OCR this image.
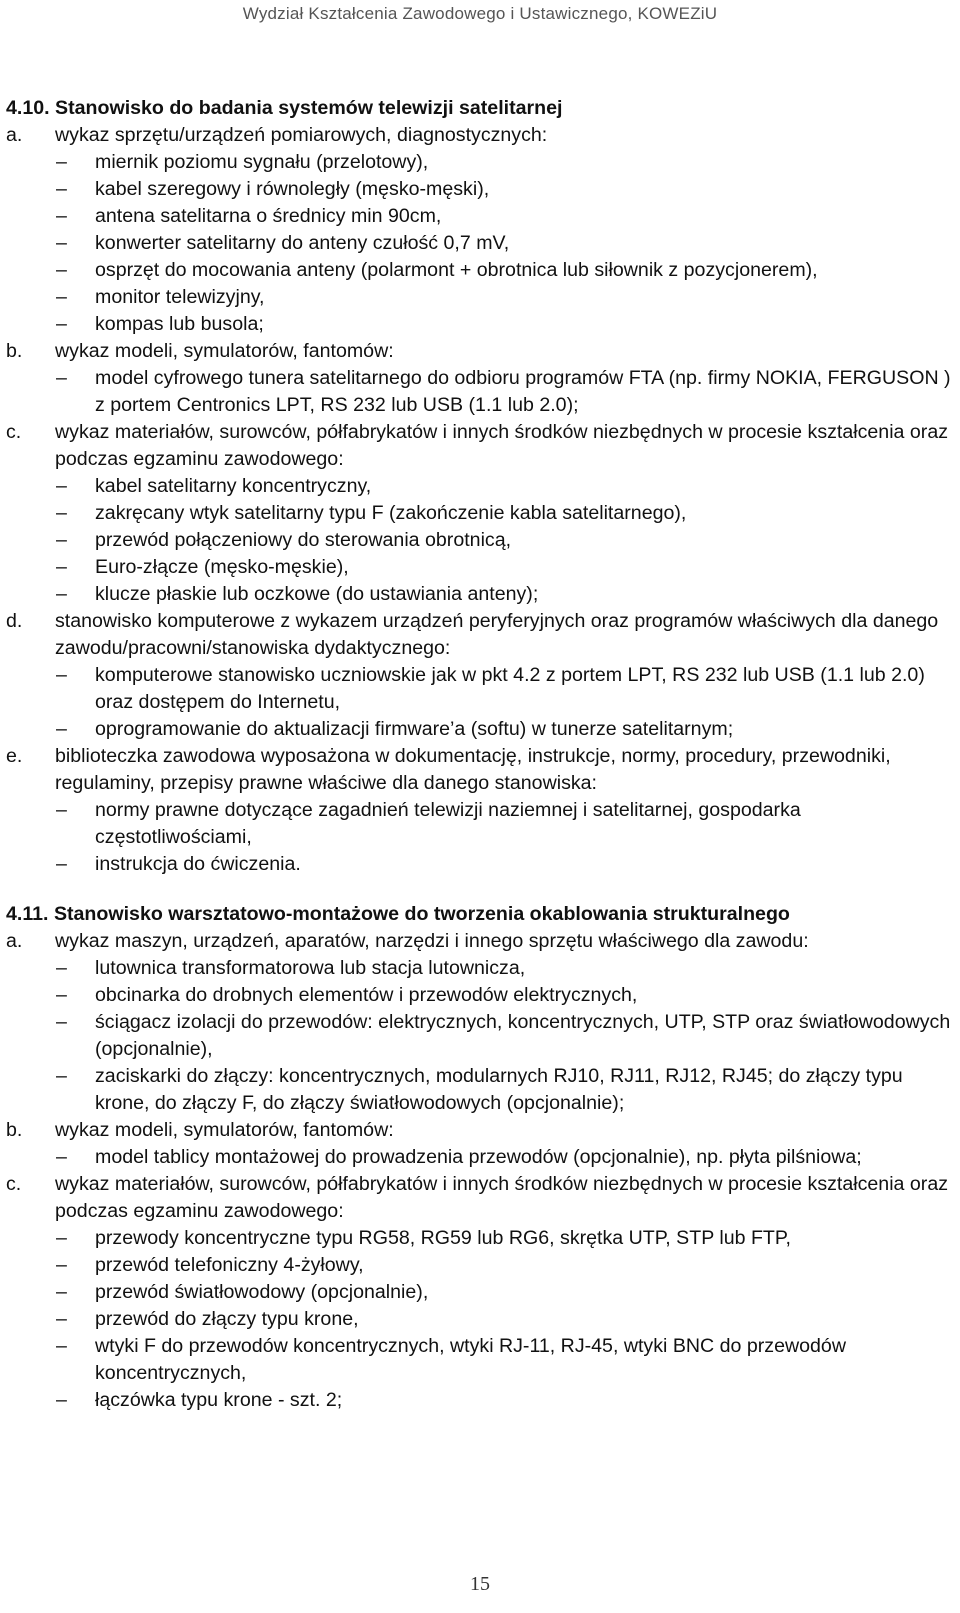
Wydział Kształcenia Zawodowego i Ustawicznego, KOWEZiU
4.10. Stanowisko do badania systemów telewizji satelitarnej
a. wykaz sprzętu/urządzeń pomiarowych, diagnostycznych:
– miernik poziomu sygnału (przelotowy),
– kabel szeregowy i równoległy (męsko-męski),
– antena satelitarna o średnicy min 90cm,
– konwerter satelitarny do anteny czułość 0,7 mV,
– osprzęt do mocowania anteny (polarmont + obrotnica lub siłownik z pozycjonerem),
– monitor telewizyjny,
– kompas lub busola;
b. wykaz modeli, symulatorów, fantomów:
– model cyfrowego tunera satelitarnego do odbioru programów FTA (np. firmy NOKIA, FERGUSON ) z portem Centronics LPT, RS 232 lub USB (1.1 lub 2.0);
c. wykaz materiałów, surowców, półfabrykatów i innych środków niezbędnych w procesie kształcenia oraz podczas egzaminu zawodowego:
– kabel satelitarny koncentryczny,
– zakręcany wtyk satelitarny typu F (zakończenie kabla satelitarnego),
– przewód połączeniowy do sterowania obrotnicą,
– Euro-złącze (męsko-męskie),
– klucze płaskie lub oczkowe (do ustawiania anteny);
d. stanowisko komputerowe z wykazem urządzeń peryferyjnych oraz programów właściwych dla danego zawodu/pracowni/stanowiska dydaktycznego:
– komputerowe stanowisko uczniowskie jak w pkt 4.2 z portem LPT, RS 232 lub USB (1.1 lub 2.0) oraz dostępem do Internetu,
– oprogramowanie do aktualizacji firmware’a (softu) w tunerze satelitarnym;
e. biblioteczka zawodowa wyposażona w dokumentację, instrukcje, normy, procedury, przewodniki, regulaminy, przepisy prawne właściwe dla danego stanowiska:
– normy prawne dotyczące zagadnień telewizji naziemnej i satelitarnej, gospodarka częstotliwościami,
– instrukcja do ćwiczenia.
4.11. Stanowisko warsztatowo-montażowe do tworzenia okablowania strukturalnego
a. wykaz maszyn, urządzeń, aparatów, narzędzi i innego sprzętu właściwego dla zawodu:
– lutownica transformatorowa lub stacja lutownicza,
– obcinarka do drobnych elementów i przewodów elektrycznych,
– ściągacz izolacji do przewodów: elektrycznych, koncentrycznych, UTP, STP oraz światłowodowych (opcjonalnie),
– zaciskarki do złączy: koncentrycznych, modularnych RJ10, RJ11, RJ12, RJ45; do złączy typu krone, do złączy F, do złączy światłowodowych (opcjonalnie);
b. wykaz modeli, symulatorów, fantomów:
– model tablicy montażowej do prowadzenia przewodów (opcjonalnie), np. płyta pilśniowa;
c. wykaz materiałów, surowców, półfabrykatów i innych środków niezbędnych w procesie kształcenia oraz podczas egzaminu zawodowego:
– przewody koncentryczne typu RG58, RG59 lub RG6, skrętka UTP, STP lub FTP,
– przewód telefoniczny 4-żyłowy,
– przewód światłowodowy (opcjonalnie),
– przewód do złączy typu krone,
– wtyki F do przewodów koncentrycznych, wtyki RJ-11, RJ-45, wtyki BNC do przewodów koncentrycznych,
– łączówka typu krone - szt. 2;
15
